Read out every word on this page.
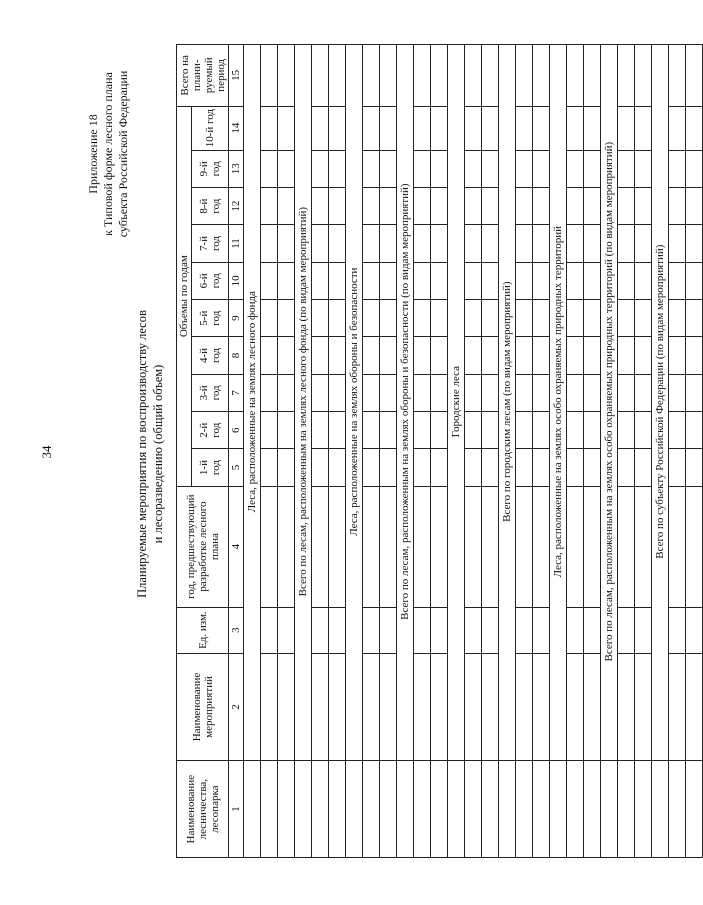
34
Приложение 18 к Типовой форме лесного плана субъекта Российской Федерации
Планируемые мероприятия по воспроизводству лесов и лесоразведению (общий объем)
Наименование лесничества, лесопарка	Наименование мероприятий	Ед. изм.	год, предшествующий разработке лесного плана	Объемы по годам										Всего на плани-руемый период
				1-й год	2-й год	3-й год	4-й год	5-й год	6-й год	7-й год	8-й год	9-й год	10-й год	
1	2	3	4	5	6	7	8	9	10	11	12	13	14	15
	Леса, расположенные на землях лесного фонда													

	Всего по лесам, расположенным на землях лесного фонда (по видам мероприятий)													

	Леса, расположенные на землях обороны и безопасности													

	Всего по лесам, расположенным на землях обороны и безопасности (по видам мероприятий)													

	Городские леса													

	Всего по городским лесам (по видам мероприятий)													

	Леса, расположенные на землях особо охраняемых природных территорий													

	Всего по лесам, расположенным на землях особо охраняемых природных территорий (по видам мероприятий)													

	Всего по субъекту Российской Федерации (по видам мероприятий)													
